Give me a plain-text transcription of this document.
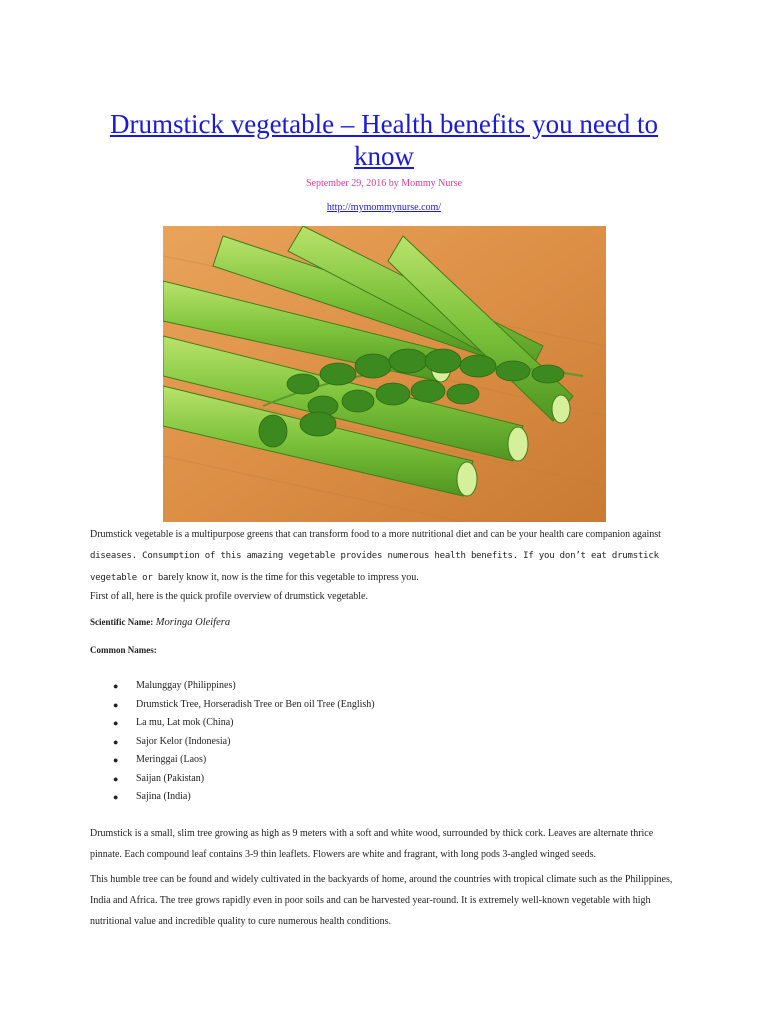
Drumstick vegetable – Health benefits you need to know
September 29, 2016 by Mommy Nurse
http://mymommynurse.com/

Drumstick vegetable is a multipurpose greens that can transform food to a more nutritional diet and can be your health care companion against
diseases. Consumption of this amazing vegetable provides numerous health benefits. If you don’t eat drumstick vegetable or barely know it, now is the time for this vegetable to impress you.

First of all, here is the quick profile overview of drumstick vegetable.

Scientific Name: Moringa Oleifera

Common Names:

● Malunggay (Philippines)
● Drumstick Tree, Horseradish Tree or Ben oil Tree (English)
● La mu, Lat mok (China)
● Sajor Kelor (Indonesia)
● Meringgai (Laos)
● Saijan (Pakistan)
● Sajina (India)

Drumstick is a small, slim tree growing as high as 9 meters with a soft and white wood, surrounded by thick cork. Leaves are alternate thrice pinnate. Each compound leaf contains 3-9 thin leaflets. Flowers are white and fragrant, with long pods 3-angled winged seeds.

This humble tree can be found and widely cultivated in the backyards of home, around the countries with tropical climate such as the Philippines, India and Africa. The tree grows rapidly even in poor soils and can be harvested year-round. It is extremely well-known vegetable with high nutritional value and incredible quality to cure numerous health conditions.
